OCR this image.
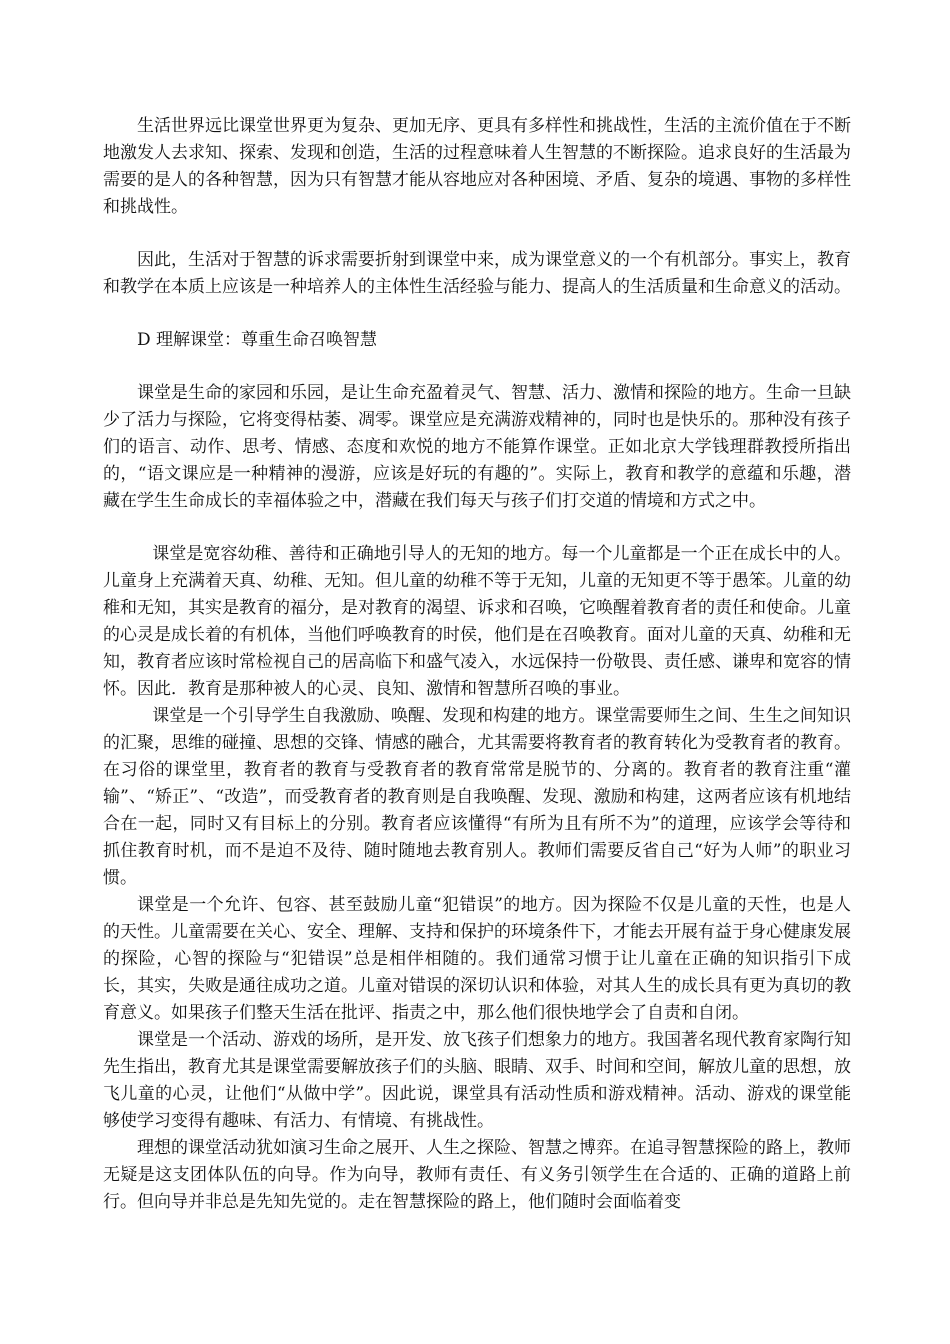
生活世界远比课堂世界更为复杂、更加无序、更具有多样性和挑战性，生活的主流价值在于不断地激发人去求知、探索、发现和创造，生活的过程意味着人生智慧的不断探险。追求良好的生活最为需要的是人的各种智慧，因为只有智慧才能从容地应对各种困境、矛盾、复杂的境遇、事物的多样性和挑战性。

因此，生活对于智慧的诉求需要折射到课堂中来，成为课堂意义的一个有机部分。事实上，教育和教学在本质上应该是一种培养人的主体性生活经验与能力、提高人的生活质量和生命意义的活动。

D 理解课堂：尊重生命召唤智慧

课堂是生命的家园和乐园，是让生命充盈着灵气、智慧、活力、激情和探险的地方。生命一旦缺少了活力与探险，它将变得枯萎、凋零。课堂应是充满游戏精神的，同时也是快乐的。那种没有孩子们的语言、动作、思考、情感、态度和欢悦的地方不能算作课堂。正如北京大学钱理群教授所指出的，“语文课应是一种精神的漫游，应该是好玩的有趣的”。实际上，教育和教学的意蕴和乐趣，潜藏在学生生命成长的幸福体验之中，潜藏在我们每天与孩子们打交道的情境和方式之中。

课堂是宽容幼稚、善待和正确地引导人的无知的地方。每一个儿童都是一个正在成长中的人。儿童身上充满着天真、幼稚、无知。但儿童的幼稚不等于无知，儿童的无知更不等于愚笨。儿童的幼稚和无知，其实是教育的福分，是对教育的渴望、诉求和召唤，它唤醒着教育者的责任和使命。儿童的心灵是成长着的有机体，当他们呼唤教育的时侯，他们是在召唤教育。面对儿童的天真、幼稚和无知，教育者应该时常检视自己的居高临下和盛气凌入，水远保持一份敬畏、责任感、谦卑和宽容的情怀。因此．教育是那种被人的心灵、良知、激情和智慧所召唤的事业。

课堂是一个引导学生自我激励、唤醒、发现和构建的地方。课堂需要师生之间、生生之间知识的汇聚，思维的碰撞、思想的交锋、情感的融合，尤其需要将教育者的教育转化为受教育者的教育。在习俗的课堂里，教育者的教育与受教育者的教育常常是脱节的、分离的。教育者的教育注重“灌输”、“矫正”、“改造”，而受教育者的教育则是自我唤醒、发现、激励和构建，这两者应该有机地结合在一起，同时又有目标上的分别。教育者应该懂得“有所为且有所不为”的道理，应该学会等待和抓住教育时机，而不是迫不及待、随时随地去教育别人。教师们需要反省自己“好为人师”的职业习惯。

课堂是一个允许、包容、甚至鼓励儿童“犯错误”的地方。因为探险不仅是儿童的天性，也是人的天性。儿童需要在关心、安全、理解、支持和保护的环境条件下，才能去开展有益于身心健康发展的探险，心智的探险与“犯错误”总是相伴相随的。我们通常习惯于让儿童在正确的知识指引下成长，其实，失败是通往成功之道。儿童对错误的深切认识和体验，对其人生的成长具有更为真切的教育意义。如果孩子们整天生活在批评、指责之中，那么他们很快地学会了自责和自闭。

课堂是一个活动、游戏的场所，是开发、放飞孩子们想象力的地方。我国著名现代教育家陶行知先生指出，教育尤其是课堂需要解放孩子们的头脑、眼睛、双手、时间和空间，解放儿童的思想，放飞儿童的心灵，让他们“从做中学”。因此说，课堂具有活动性质和游戏精神。活动、游戏的课堂能够使学习变得有趣味、有活力、有情境、有挑战性。

理想的课堂活动犹如演习生命之展开、人生之探险、智慧之博弈。在追寻智慧探险的路上，教师无疑是这支团体队伍的向导。作为向导，教师有责任、有义务引领学生在合适的、正确的道路上前行。但向导并非总是先知先觉的。走在智慧探险的路上，他们随时会面临着变
